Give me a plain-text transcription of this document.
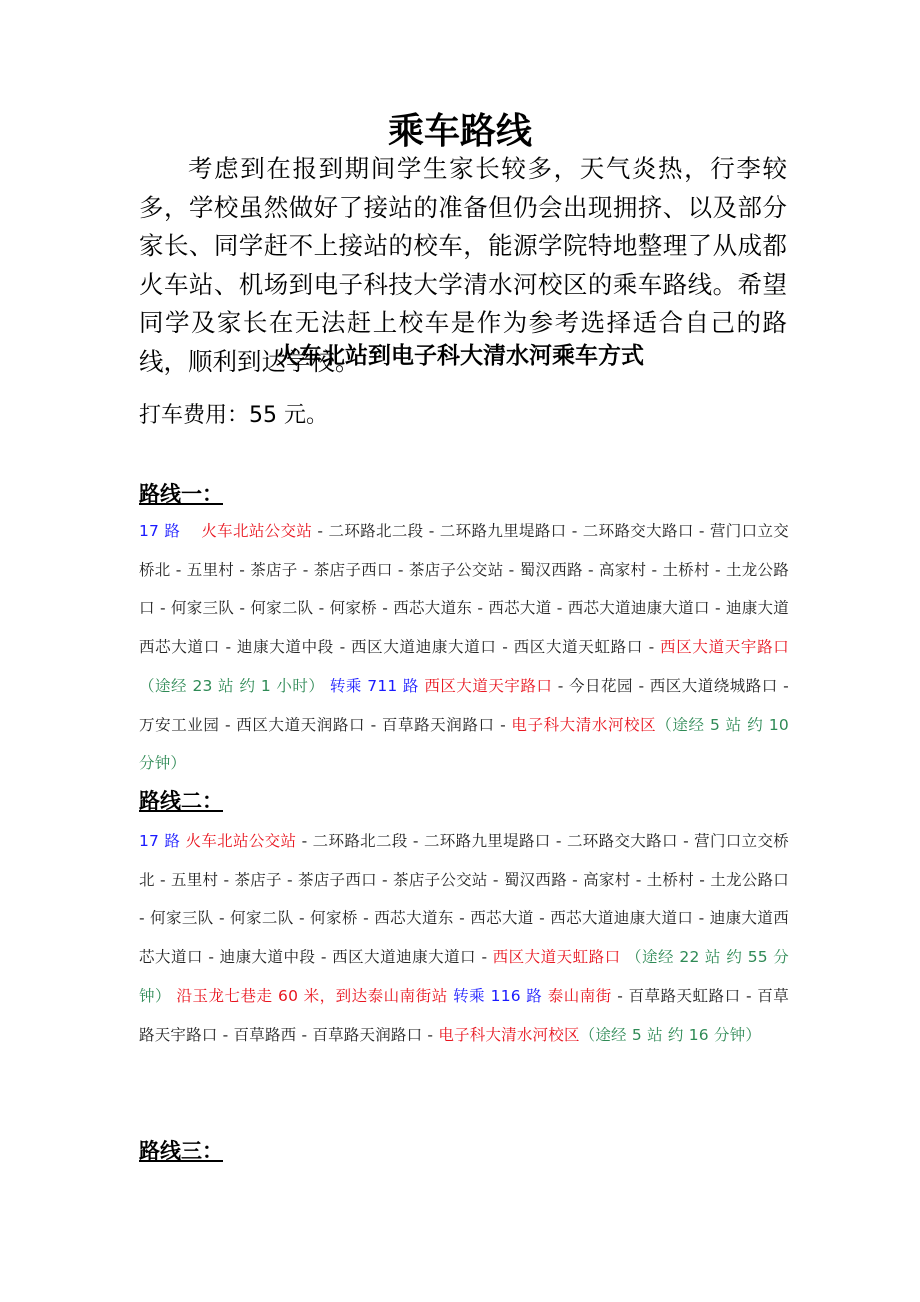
乘车路线
考虑到在报到期间学生家长较多，天气炎热，行李较多，学校虽然做好了接站的准备但仍会出现拥挤、以及部分家长、同学赶不上接站的校车，能源学院特地整理了从成都火车站、机场到电子科技大学清水河校区的乘车路线。希望同学及家长在无法赶上校车是作为参考选择适合自己的路线，顺利到达学校。
火车北站到电子科大清水河乘车方式
打车费用：55 元。
路线一：
17 路　 火车北站公交站 - 二环路北二段 - 二环路九里堤路口 - 二环路交大路口 - 营门口立交桥北 - 五里村 - 茶店子 - 茶店子西口 - 茶店子公交站 - 蜀汉西路 - 高家村 - 土桥村 - 土龙公路口 - 何家三队 - 何家二队 - 何家桥 - 西芯大道东 - 西芯大道 - 西芯大道迪康大道口 - 迪康大道西芯大道口 - 迪康大道中段 - 西区大道迪康大道口 - 西区大道天虹路口 - 西区大道天宇路口 （途经 23 站 约 1 小时） 转乘 711 路 西区大道天宇路口 - 今日花园 - 西区大道绕城路口 - 万安工业园 - 西区大道天润路口 - 百草路天润路口 - 电子科大清水河校区（途经 5 站 约 10 分钟）
路线二：
17 路 火车北站公交站 - 二环路北二段 - 二环路九里堤路口 - 二环路交大路口 - 营门口立交桥北 - 五里村 - 茶店子 - 茶店子西口 - 茶店子公交站 - 蜀汉西路 - 高家村 - 土桥村 - 土龙公路口 - 何家三队 - 何家二队 - 何家桥 - 西芯大道东 - 西芯大道 - 西芯大道迪康大道口 - 迪康大道西芯大道口 - 迪康大道中段 - 西区大道迪康大道口 - 西区大道天虹路口 （途经 22 站 约 55 分钟） 沿玉龙七巷走 60 米，到达泰山南街站 转乘 116 路 泰山南街 - 百草路天虹路口 - 百草路天宇路口 - 百草路西 - 百草路天润路口 - 电子科大清水河校区（途经 5 站 约 16 分钟）
路线三：
